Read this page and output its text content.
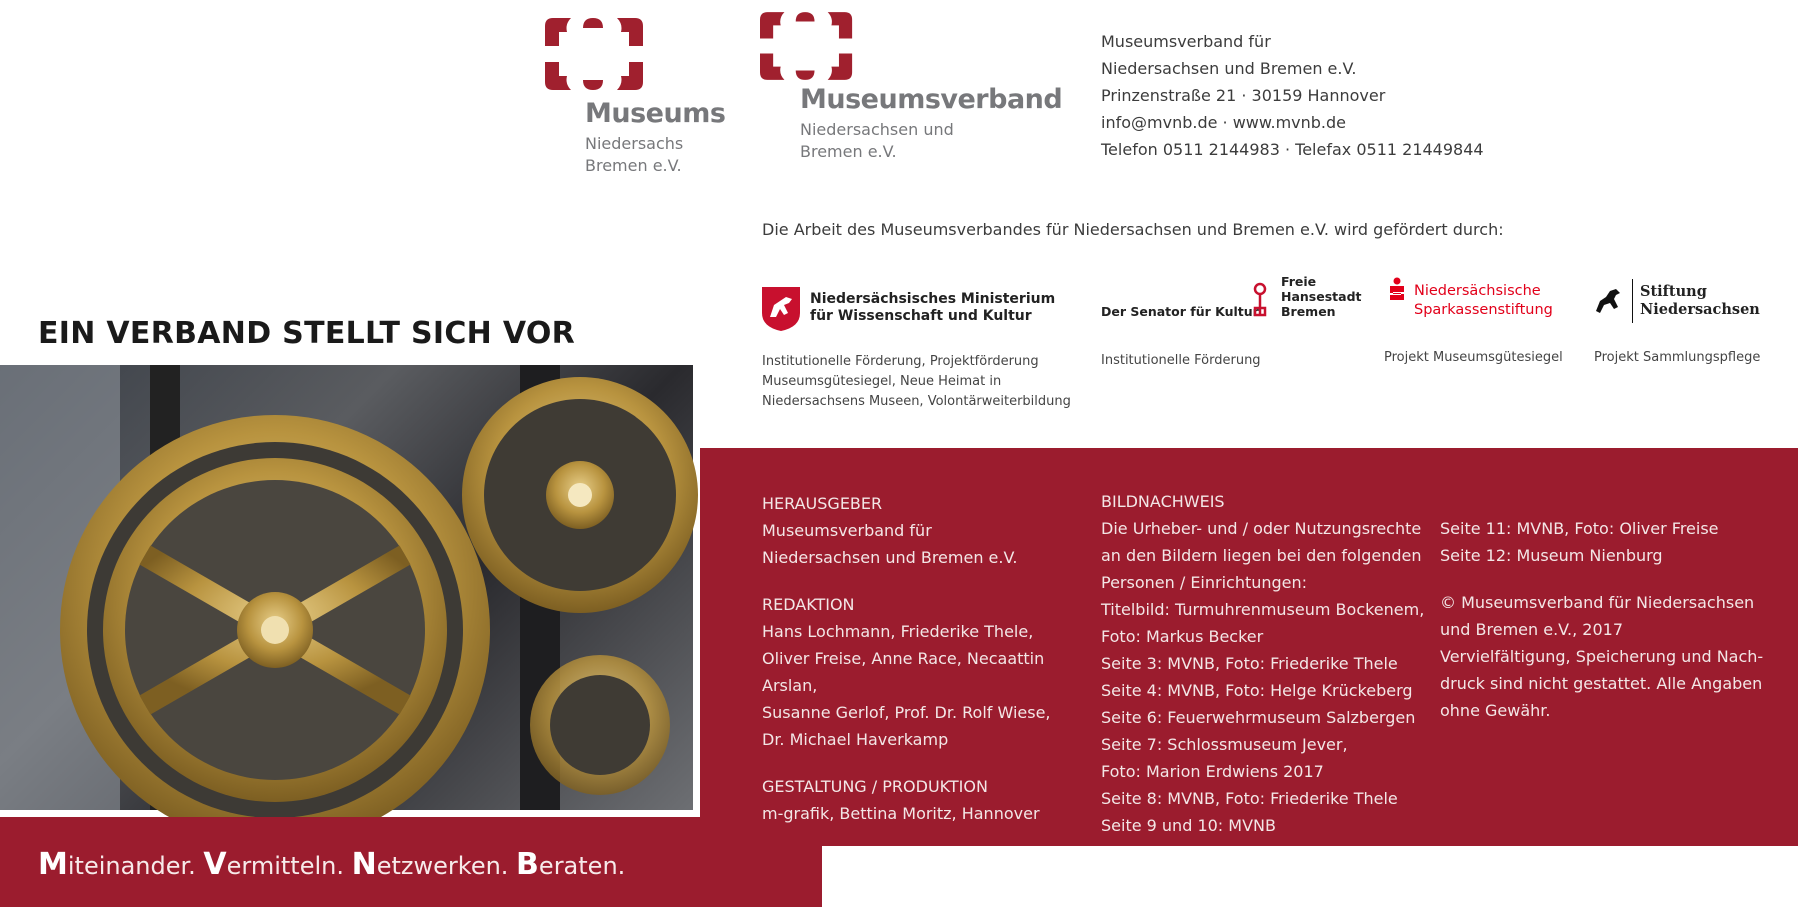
Museums
Niedersachs
Bremen e.V.
EIN VERBAND STELLT SICH VOR
Miteinander. Vermitteln. Netzwerken. Beraten.
Museumsverband
Niedersachsen und
Bremen e.V.
Museumsverband für
Niedersachsen und Bremen e.V.
Prinzenstraße 21 · 30159 Hannover
info@mvnb.de · www.mvnb.de
Telefon 0511 2144983 · Telefax 0511 21449844
Die Arbeit des Museumsverbandes für Niedersachsen und Bremen e.V. wird gefördert durch:
Niedersächsisches Ministerium
für Wissenschaft und Kultur
Institutionelle Förderung, Projektförderung
Museumsgütesiegel, Neue Heimat in
Niedersachsens Museen, Volontärweiterbildung
Der Senator für Kultur
Freie
Hansestadt
Bremen
Institutionelle Förderung
Niedersächsische
Sparkassenstiftung
Projekt Museumsgütesiegel
Stiftung
Niedersachsen
Projekt Sammlungspflege
HERAUSGEBER
Museumsverband für
Niedersachsen und Bremen e.V.
REDAKTION
Hans Lochmann, Friederike Thele,
Oliver Freise, Anne Race, Necaattin Arslan,
Susanne Gerlof, Prof. Dr. Rolf Wiese,
Dr. Michael Haverkamp
GESTALTUNG / PRODUKTION
m-grafik, Bettina Moritz, Hannover
BILDNACHWEIS
Die Urheber- und / oder Nutzungsrechte
an den Bildern liegen bei den folgenden
Personen / Einrichtungen:
Titelbild: Turmuhrenmuseum Bockenem,
Foto: Markus Becker
Seite 3: MVNB, Foto: Friederike Thele
Seite 4: MVNB, Foto: Helge Krückeberg
Seite 6: Feuerwehrmuseum Salzbergen
Seite 7: Schlossmuseum Jever,
Foto: Marion Erdwiens 2017
Seite 8: MVNB, Foto: Friederike Thele
Seite 9 und 10: MVNB
Seite 11: MVNB, Foto: Oliver Freise
Seite 12: Museum Nienburg
© Museumsverband für Niedersachsen
und Bremen e.V., 2017
Vervielfältigung, Speicherung und Nach-
druck sind nicht gestattet. Alle Angaben
ohne Gewähr.
